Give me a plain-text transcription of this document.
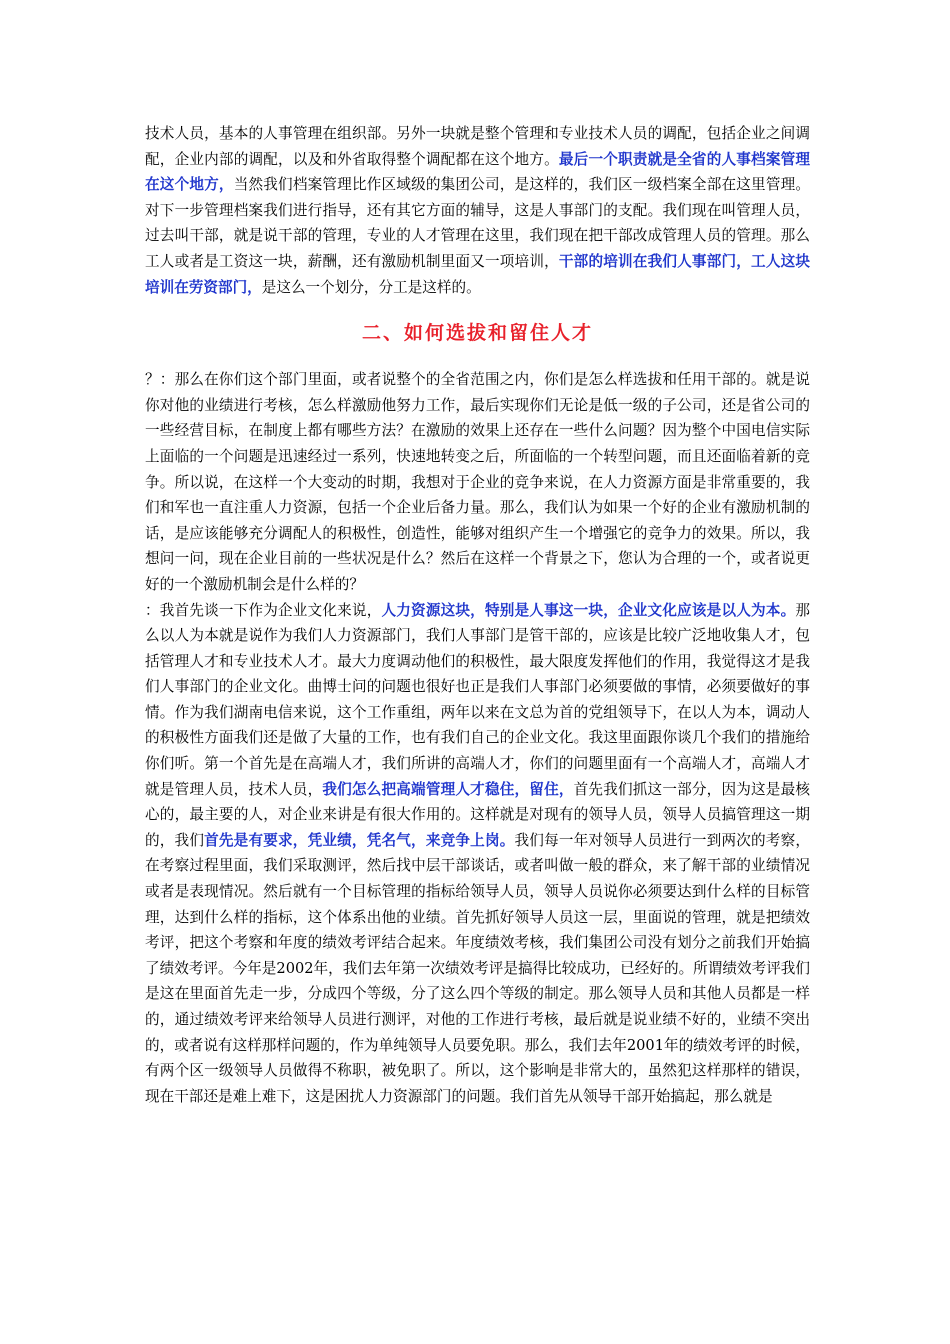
技术人员，基本的人事管理在组织部。另外一块就是整个管理和专业技术人员的调配，包括企业之间调配，企业内部的调配，以及和外省取得整个调配都在这个地方。最后一个职责就是全省的人事档案管理在这个地方，当然我们档案管理比作区域级的集团公司，是这样的，我们区一级档案全部在这里管理。对下一步管理档案我们进行指导，还有其它方面的辅导，这是人事部门的支配。我们现在叫管理人员，过去叫干部，就是说干部的管理，专业的人才管理在这里，我们现在把干部改成管理人员的管理。那么工人或者是工资这一块，薪酬，还有激励机制里面又一项培训，干部的培训在我们人事部门，工人这块培训在劳资部门，是这么一个划分，分工是这样的。

二、如何选拔和留住人才

？：那么在你们这个部门里面，或者说整个的全省范围之内，你们是怎么样选拔和任用干部的。就是说你对他的业绩进行考核，怎么样激励他努力工作，最后实现你们无论是低一级的子公司，还是省公司的一些经营目标，在制度上都有哪些方法？在激励的效果上还存在一些什么问题？因为整个中国电信实际上面临的一个问题是迅速经过一系列，快速地转变之后，所面临的一个转型问题，而且还面临着新的竞争。所以说，在这样一个大变动的时期，我想对于企业的竞争来说，在人力资源方面是非常重要的，我们和军也一直注重人力资源，包括一个企业后备力量。那么，我们认为如果一个好的企业有激励机制的话，是应该能够充分调配人的积极性，创造性，能够对组织产生一个增强它的竞争力的效果。所以，我想问一问，现在企业目前的一些状况是什么？然后在这样一个背景之下，您认为合理的一个，或者说更好的一个激励机制会是什么样的？

：我首先谈一下作为企业文化来说，人力资源这块，特别是人事这一块，企业文化应该是以人为本。那么以人为本就是说作为我们人力资源部门，我们人事部门是管干部的，应该是比较广泛地收集人才，包括管理人才和专业技术人才。最大力度调动他们的积极性，最大限度发挥他们的作用，我觉得这才是我们人事部门的企业文化。曲博士问的问题也很好也正是我们人事部门必须要做的事情，必须要做好的事情。作为我们湖南电信来说，这个工作重组，两年以来在文总为首的党组领导下，在以人为本，调动人的积极性方面我们还是做了大量的工作，也有我们自己的企业文化。我这里面跟你谈几个我们的措施给你们听。第一个首先是在高端人才，我们所讲的高端人才，你们的问题里面有一个高端人才，高端人才就是管理人员，技术人员，我们怎么把高端管理人才稳住，留住，首先我们抓这一部分，因为这是最核心的，最主要的人，对企业来讲是有很大作用的。这样就是对现有的领导人员，领导人员搞管理这一期的，我们首先是有要求，凭业绩，凭名气，来竞争上岗。我们每一年对领导人员进行一到两次的考察，在考察过程里面，我们采取测评，然后找中层干部谈话，或者叫做一般的群众，来了解干部的业绩情况或者是表现情况。然后就有一个目标管理的指标给领导人员，领导人员说你必须要达到什么样的目标管理，达到什么样的指标，这个体系出他的业绩。首先抓好领导人员这一层，里面说的管理，就是把绩效考评，把这个考察和年度的绩效考评结合起来。年度绩效考核，我们集团公司没有划分之前我们开始搞了绩效考评。今年是2002年，我们去年第一次绩效考评是搞得比较成功，已经好的。所谓绩效考评我们是这在里面首先走一步，分成四个等级，分了这么四个等级的制定。那么领导人员和其他人员都是一样的，通过绩效考评来给领导人员进行测评，对他的工作进行考核，最后就是说业绩不好的，业绩不突出的，或者说有这样那样问题的，作为单纯领导人员要免职。那么，我们去年2001年的绩效考评的时候，有两个区一级领导人员做得不称职，被免职了。所以，这个影响是非常大的，虽然犯这样那样的错误，现在干部还是难上难下，这是困扰人力资源部门的问题。我们首先从领导干部开始搞起，那么就是
